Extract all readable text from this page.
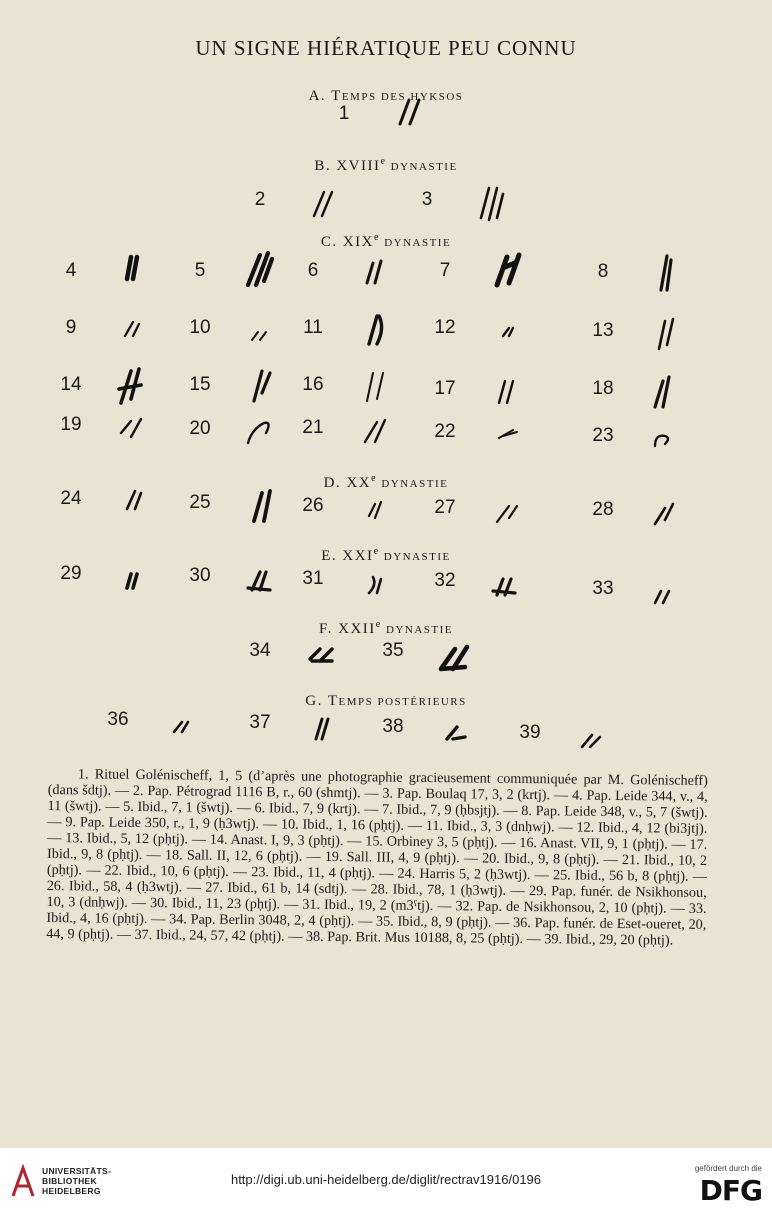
UN SIGNE HIÉRATIQUE PEU CONNU
A. TEMPS DES HYKSOS
B. XVIIIe DYNASTIE
C. XIXe DYNASTIE
D. XXe DYNASTIE
E. XXIe DYNASTIE
F. XXIIe DYNASTIE
G. TEMPS POSTÉRIEURS
1
2	3
4	5	6	7	8
9	10	11	12	13
14	15	16	17	18
19	20	21	22	23
24	25	26	27	28
29	30	31	32	33
34	35
36	37	38	39

1. Rituel Golénischeff, 1, 5 (d’après une photographie gracieusement communiquée par M. Golénischeff) (dans šdtj). — 2. Pap. Pétrograd 1116 B, r., 60 (shmtj). — 3. Pap. Boulaq 17, 3, 2 (krtj). — 4. Pap. Leide 344, v., 4, 11 (šwtj). — 5. Ibid., 7, 1 (šwtj). — 6. Ibid., 7, 9 (krtj). — 7. Ibid., 7, 9 (ḥbsjtj). — 8. Pap. Leide 348, v., 5, 7 (šwtj). — 9. Pap. Leide 350, r., 1, 9 (ḥ3wtj). — 10. Ibid., 1, 16 (pḥtj). — 11. Ibid., 3, 3 (dnḥwj). — 12. Ibid., 4, 12 (bi3jtj). — 13. Ibid., 5, 12 (pḥtj). — 14. Anast. I, 9, 3 (pḥtj). — 15. Orbiney 3, 5 (pḥtj). — 16. Anast. VII, 9, 1 (pḥtj). — 17. Ibid., 9, 8 (pḥtj). — 18. Sall. II, 12, 6 (pḥtj). — 19. Sall. III, 4, 9 (pḥtj). — 20. Ibid., 9, 8 (pḥtj). — 21. Ibid., 10, 2 (pḥtj). — 22. Ibid., 10, 6 (pḥtj). — 23. Ibid., 11, 4 (pḥtj). — 24. Harris 5, 2 (ḥ3wtj). — 25. Ibid., 56 b, 8 (pḥtj). — 26. Ibid., 58, 4 (ḥ3wtj). — 27. Ibid., 61 b, 14 (sdtj). — 28. Ibid., 78, 1 (ḥ3wtj). — 29. Pap. funér. de Nsikhonsou, 10, 3 (dnḥwj). — 30. Ibid., 11, 23 (pḥtj). — 31. Ibid., 19, 2 (m3ˁtj). — 32. Pap. de Nsikhonsou, 2, 10 (pḥtj). — 33. Ibid., 4, 16 (pḥtj). — 34. Pap. Berlin 3048, 2, 4 (pḥtj). — 35. Ibid., 8, 9 (pḥtj). — 36. Pap. funér. de Eset-oueret, 20, 44, 9 (pḥtj). — 37. Ibid., 24, 57, 42 (pḥtj). — 38. Pap. Brit. Mus 10188, 8, 25 (pḥtj). — 39. Ibid., 29, 20 (pḥtj).

UNIVERSITÄTS-
BIBLIOTHEK
HEIDELBERG
http://digi.ub.uni-heidelberg.de/diglit/rectrav1916/0196
gefördert durch die
DFG
